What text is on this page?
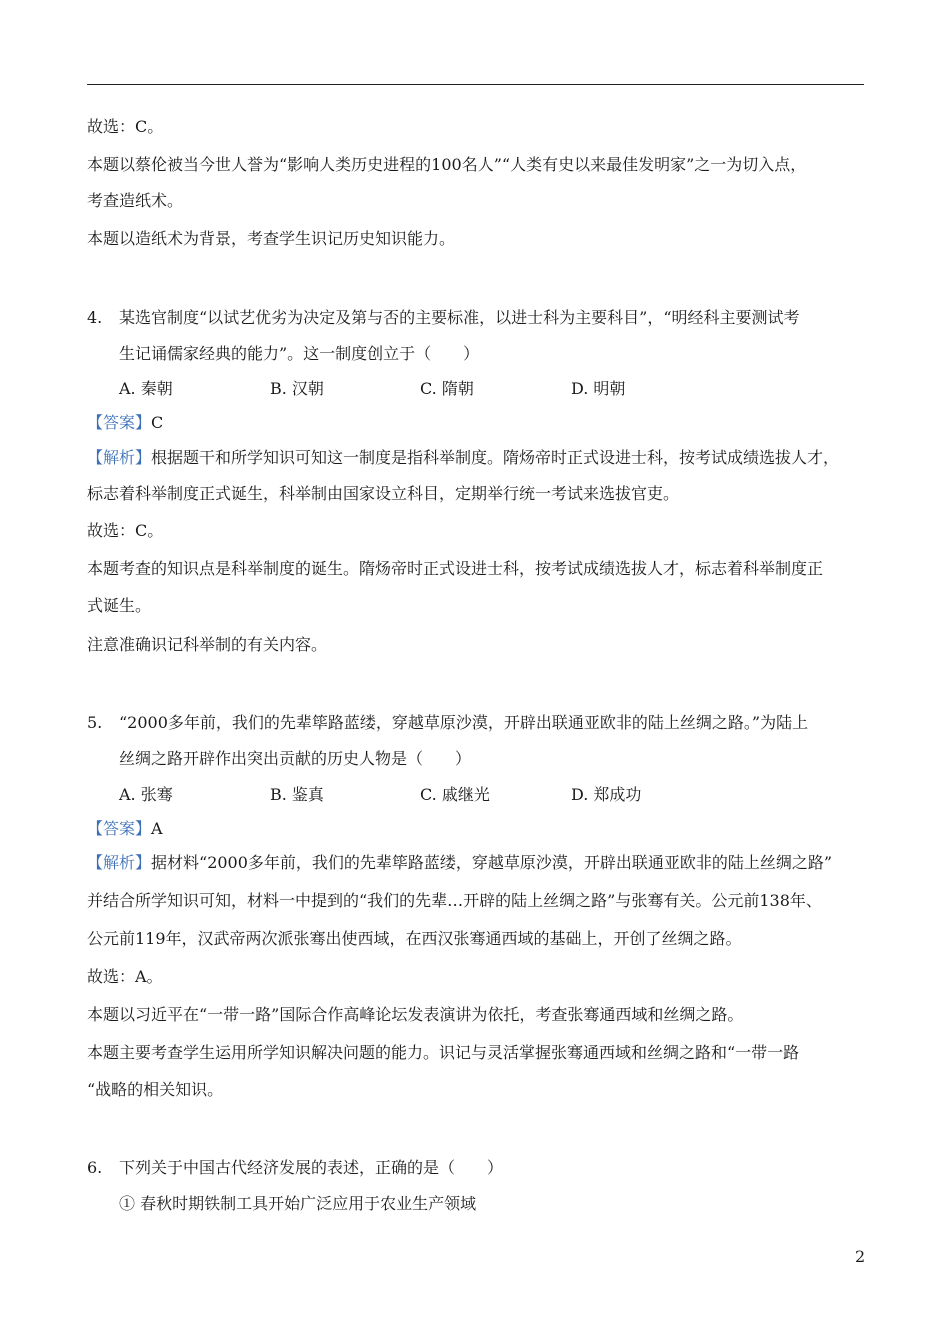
故选：C。
本题以蔡伦被当今世人誉为“影响人类历史进程的100名人”“人类有史以来最佳发明家”之一为切入点，
考查造纸术。
本题以造纸术为背景，考查学生识记历史知识能力。
4. 某选官制度“以试艺优劣为决定及第与否的主要标准，以进士科为主要科目”，“明经科主要测试考
生记诵儒家经典的能力”。这一制度创立于（　　）
A. 秦朝	B. 汉朝	C. 隋朝	D. 明朝
【答案】C
【解析】根据题干和所学知识可知这一制度是指科举制度。隋炀帝时正式设进士科，按考试成绩选拔人才，
标志着科举制度正式诞生，科举制由国家设立科目，定期举行统一考试来选拔官吏。
故选：C。
本题考查的知识点是科举制度的诞生。隋炀帝时正式设进士科，按考试成绩选拔人才，标志着科举制度正
式诞生。
注意准确识记科举制的有关内容。
5. “2000多年前，我们的先辈筚路蓝缕，穿越草原沙漠，开辟出联通亚欧非的陆上丝绸之路。”为陆上
丝绸之路开辟作出突出贡献的历史人物是（　　）
A. 张骞	B. 鉴真	C. 戚继光	D. 郑成功
【答案】A
【解析】据材料“2000多年前，我们的先辈筚路蓝缕，穿越草原沙漠，开辟出联通亚欧非的陆上丝绸之路”
并结合所学知识可知，材料一中提到的“我们的先辈…开辟的陆上丝绸之路”与张骞有关。公元前138年、
公元前119年，汉武帝两次派张骞出使西域，在西汉张骞通西域的基础上，开创了丝绸之路。
故选：A。
本题以习近平在“一带一路”国际合作高峰论坛发表演讲为依托，考查张骞通西域和丝绸之路。
本题主要考查学生运用所学知识解决问题的能力。识记与灵活掌握张骞通西域和丝绸之路和“一带一路
“战略的相关知识。
6. 下列关于中国古代经济发展的表述，正确的是（　　）
① 春秋时期铁制工具开始广泛应用于农业生产领域
2
